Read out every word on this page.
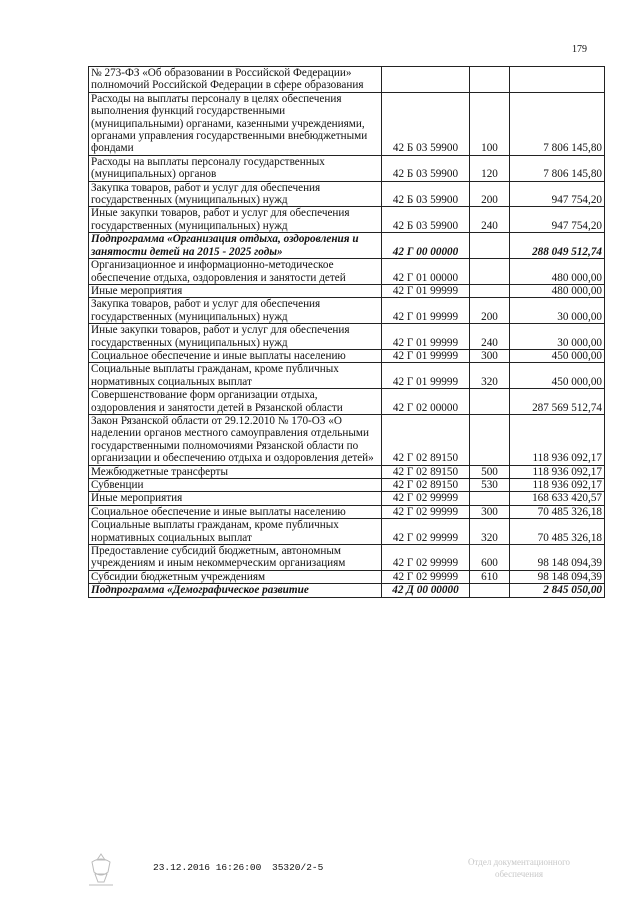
179
№ 273-ФЗ «Об образовании в Российской Федерации» полномочий Российской Федерации в сфере образования			
Расходы на выплаты персоналу в целях обеспечения выполнения функций государственными (муниципальными) органами, казенными учреждениями, органами управления государственными внебюджетными фондами	42 Б 03 59900	100	7 806 145,80
Расходы на выплаты персоналу государственных (муниципальных) органов	42 Б 03 59900	120	7 806 145,80
Закупка товаров, работ и услуг для обеспечения государственных (муниципальных) нужд	42 Б 03 59900	200	947 754,20
Иные закупки товаров, работ и услуг для обеспечения государственных (муниципальных) нужд	42 Б 03 59900	240	947 754,20
Подпрограмма «Организация отдыха, оздоровления и занятости детей на 2015 - 2025 годы»	42 Г 00 00000		288 049 512,74
Организационное и информационно-методическое обеспечение отдыха, оздоровления и занятости детей	42 Г 01 00000		480 000,00
Иные мероприятия	42 Г 01 99999		480 000,00
Закупка товаров, работ и услуг для обеспечения государственных (муниципальных) нужд	42 Г 01 99999	200	30 000,00
Иные закупки товаров, работ и услуг для обеспечения государственных (муниципальных) нужд	42 Г 01 99999	240	30 000,00
Социальное обеспечение и иные выплаты населению	42 Г 01 99999	300	450 000,00
Социальные выплаты гражданам, кроме публичных нормативных социальных выплат	42 Г 01 99999	320	450 000,00
Совершенствование форм организации отдыха, оздоровления и занятости детей в Рязанской области	42 Г 02 00000		287 569 512,74
Закон Рязанской области от 29.12.2010 № 170-ОЗ «О наделении органов местного самоуправления отдельными государственными полномочиями Рязанской области по организации и обеспечению отдыха и оздоровления детей»	42 Г 02 89150		118 936 092,17
Межбюджетные трансферты	42 Г 02 89150	500	118 936 092,17
Субвенции	42 Г 02 89150	530	118 936 092,17
Иные мероприятия	42 Г 02 99999		168 633 420,57
Социальное обеспечение и иные выплаты населению	42 Г 02 99999	300	70 485 326,18
Социальные выплаты гражданам, кроме публичных нормативных социальных выплат	42 Г 02 99999	320	70 485 326,18
Предоставление субсидий бюджетным, автономным учреждениям и иным некоммерческим организациям	42 Г 02 99999	600	98 148 094,39
Субсидии бюджетным учреждениям	42 Г 02 99999	610	98 148 094,39
Подпрограмма «Демографическое развитие	42 Д 00 00000		2 845 050,00
23.12.2016 16:26:00 35320/2-5	Отдел документационного обеспечения
